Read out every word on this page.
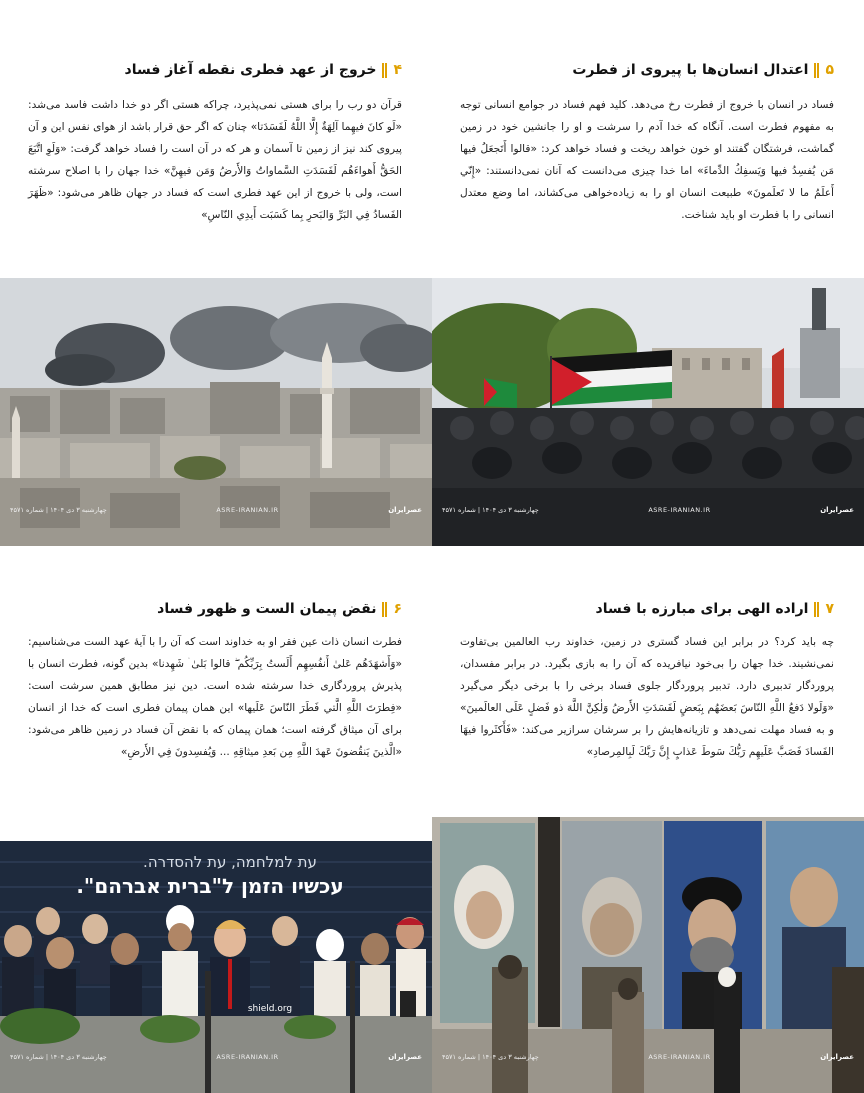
۵
اعتدال انسان‌ها با پیروی از فطرت

فساد در انسان با خروج از فطرت رخ می‌دهد. کلید فهم فساد در جوامع انسانی توجه به مفهوم فطرت است. آنگاه که خدا آدم را سرشت و او را جانشین خود در زمین گماشت، فرشتگان گفتند او خون خواهد ریخت و فساد خواهد کرد: «قالوا أَتَجعَلُ فيها مَن يُفسِدُ فيها وَيَسفِكُ الدِّماءَ» اما خدا چیزی می‌دانست که آنان نمی‌دانستند: «إِنّي أَعلَمُ ما لا تَعلَمونَ» طبیعت انسان او را به زیاده‌خواهی می‌کشاند، اما وضع معتدل انسانی را با فطرت او باید شناخت.

عصرایران
ASRE-IRANIAN.IR
چهارشنبه ۳ دی ۱۴۰۴ | شماره ۴۵۷۱
۴
خروج از عهد فطری نقطه آغاز فساد

قرآن دو رب را برای هستی نمی‌پذیرد، چراکه هستی اگر دو خدا داشت فاسد می‌شد: «لَو كانَ فيهِما آلِهَةٌ إِلَّا اللَّهُ لَفَسَدَتا» چنان که اگر حق قرار باشد از هوای نفس این و آن پیروی کند نیز از زمین تا آسمان و هر که در آن است را فساد خواهد گرفت: «وَلَوِ اتَّبَعَ الحَقُّ أَهواءَهُم لَفَسَدَتِ السَّماواتُ وَالأَرضُ وَمَن فيهِنَّ» خدا جهان را با اصلاح سرشته است، ولی با خروج از این عهد فطری است که فساد در جهان ظاهر می‌شود: «ظَهَرَ الفَسادُ فِي البَرِّ وَالبَحرِ بِما كَسَبَت أَيدِي النّاسِ»

عصرایران
ASRE-IRANIAN.IR
چهارشنبه ۳ دی ۱۴۰۴ | شماره ۴۵۷۱
۷
اراده الهی برای مبارزه با فساد

چه باید کرد؟ در برابر این فساد گستری در زمین، خداوند رب العالمین بی‌تفاوت نمی‌نشیند. خدا جهان را بی‌خود نیافریده که آن را به بازی بگیرد. در برابر مفسدان، پروردگار تدبیری دارد. تدبیر پروردگار جلوی فساد برخی را با برخی دیگر می‌گیرد «وَلَولا دَفعُ اللَّهِ النّاسَ بَعضَهُم بِبَعضٍ لَفَسَدَتِ الأَرضُ وَلٰكِنَّ اللَّهَ ذو فَضلٍ عَلَى العالَمينَ» و به فساد مهلت نمی‌دهد و تازیانه‌هایش را بر سرشان سرازیر می‌کند: «فَأَكثَروا فيهَا الفَسادَ فَصَبَّ عَلَيهِم رَبُّكَ سَوطَ عَذابٍ إِنَّ رَبَّكَ لَبِالمِرصادِ»

عصرایران
ASRE-IRANIAN.IR
چهارشنبه ۳ دی ۱۴۰۴ | شماره ۴۵۷۱
۶
نقض پیمان الست و ظهور فساد

فطرت انسان ذات عین فقر او به خداوند است که آن را با آیهٔ عهد الست می‌شناسیم: «وَأَشهَدَهُم عَلىٰ أَنفُسِهِم أَلَستُ بِرَبِّكُم ۖ قالوا بَلىٰ ۛ شَهِدنا» بدین گونه، فطرت انسان با پذیرش پروردگاری خدا سرشته شده است. دین نیز مطابق همین سرشت است: «فِطرَتَ اللَّهِ الَّتي فَطَرَ النّاسَ عَلَيها» این همان پیمان فطری است که خدا از انسان برای آن میثاق گرفته است؛ همان پیمان که با نقض آن فساد در زمین ظاهر می‌شود: «الَّذينَ يَنقُضونَ عَهدَ اللَّهِ مِن بَعدِ ميثاقِهِ ... وَيُفسِدونَ فِي الأَرضِ»

עת למלחמה, עת להסדרה.
עכשיו הזמן ל"ברית אברהם".
shield.org
عصرایران
ASRE-IRANIAN.IR
چهارشنبه ۳ دی ۱۴۰۴ | شماره ۴۵۷۱
